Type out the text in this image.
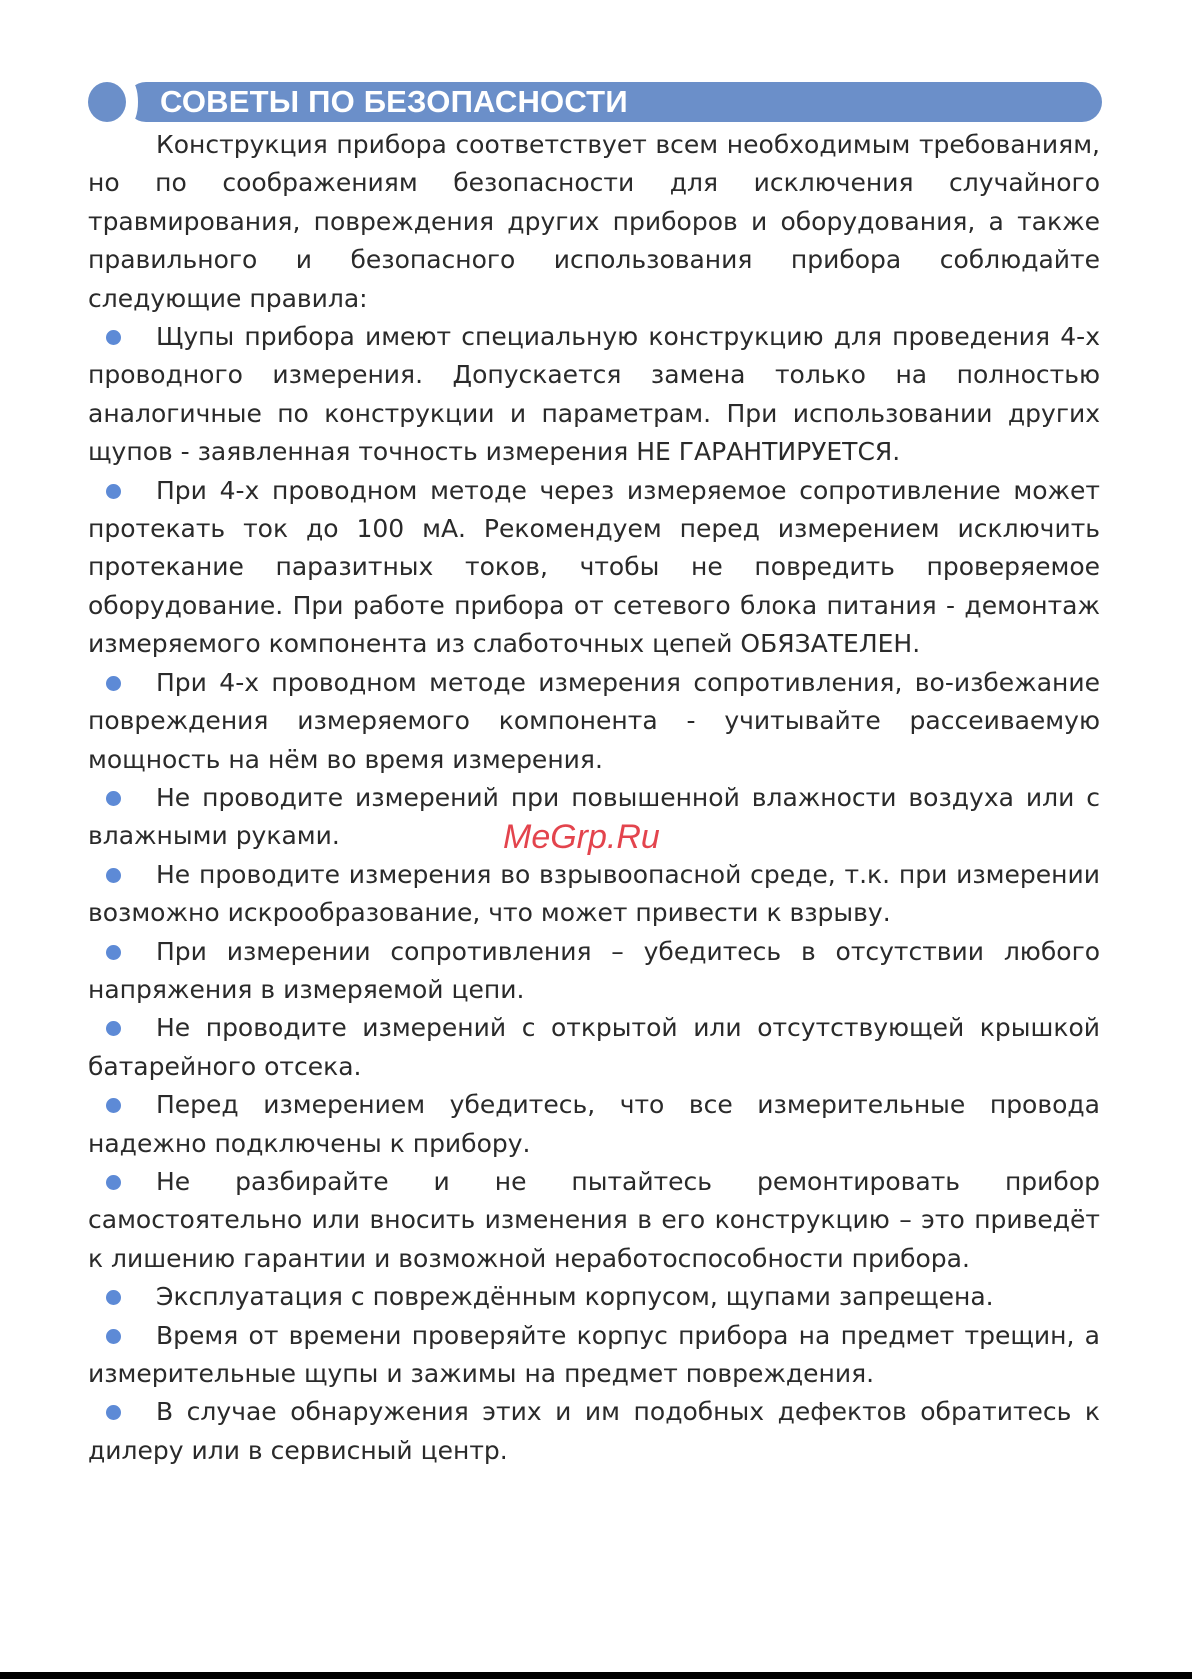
СОВЕТЫ ПО БЕЗОПАСНОСТИ

Конструкция прибора соответствует всем необходимым требованиям, но по соображениям безопасности для исключения случайного травмирования, повреждения других приборов и оборудования, а также правильного и безопасного использования прибора соблюдайте следующие правила:

Щупы прибора имеют специальную конструкцию для проведения 4-х проводного измерения. Допускается замена только на полностью аналогичные по конструкции и параметрам. При использовании других щупов - заявленная точность измерения НЕ ГАРАНТИРУЕТСЯ.

При 4-х проводном методе через измеряемое сопротивление может протекать ток до 100 мА. Рекомендуем перед измерением исключить протекание паразитных токов, чтобы не повредить проверяемое оборудование. При работе прибора от сетевого блока питания - демонтаж измеряемого компонента из слаботочных цепей ОБЯЗАТЕЛЕН.

При 4-х проводном методе измерения сопротивления, во-избежание повреждения измеряемого компонента - учитывайте рассеиваемую мощность на нём во время измерения.

Не проводите измерений при повышенной влажности воздуха или с влажными руками.

Не проводите измерения во взрывоопасной среде, т.к. при измерении возможно искрообразование, что может привести к взрыву.

При измерении сопротивления – убедитесь в отсутствии любого напряжения в измеряемой цепи.

Не проводите измерений с открытой или отсутствующей крышкой батарейного отсека.

Перед измерением убедитесь, что все измерительные провода надежно подключены к прибору.

Не разбирайте и не пытайтесь ремонтировать прибор самостоятельно или вносить изменения в его конструкцию – это приведёт к лишению гарантии и возможной неработоспособности прибора.

Эксплуатация с повреждённым корпусом, щупами запрещена.

Время от времени проверяйте корпус прибора на предмет трещин, а измерительные щупы и зажимы на предмет повреждения.

В случае обнаружения этих и им подобных дефектов обратитесь к дилеру или в сервисный центр.

MeGrp.Ru
